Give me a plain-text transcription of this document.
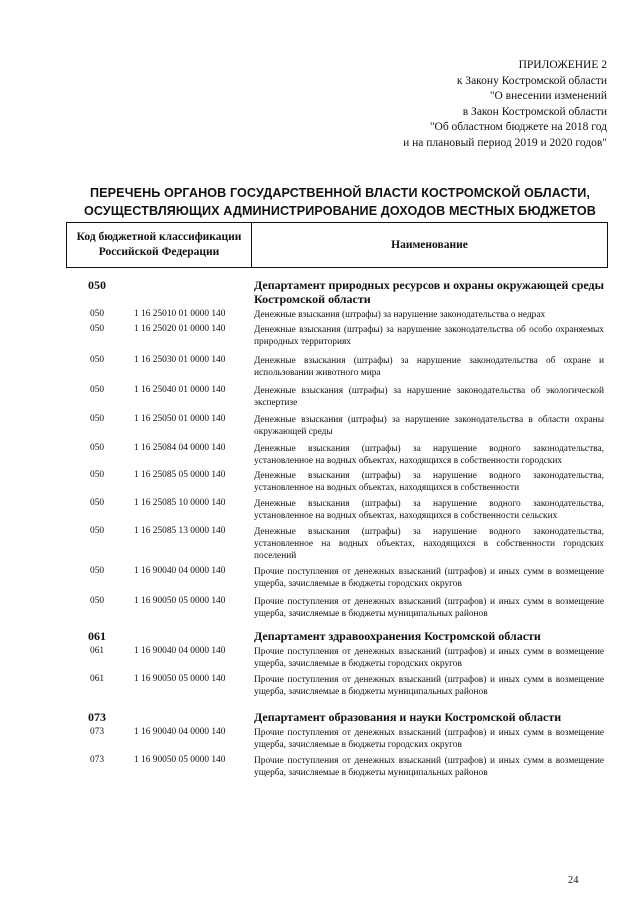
ПРИЛОЖЕНИЕ 2
к Закону Костромской области
"О внесении изменений
в Закон Костромской области
"Об областном бюджете на 2018 год
и на плановый период 2019 и 2020 годов"
ПЕРЕЧЕНЬ ОРГАНОВ ГОСУДАРСТВЕННОЙ ВЛАСТИ КОСТРОМСКОЙ ОБЛАСТИ,
ОСУЩЕСТВЛЯЮЩИХ АДМИНИСТРИРОВАНИЕ ДОХОДОВ МЕСТНЫХ БЮДЖЕТОВ
Код бюджетной классификации Российской Федерации
Наименование
050	Департамент природных ресурсов и охраны окружающей среды Костромской области
050	1 16 25010 01 0000 140	Денежные взыскания (штрафы) за нарушение законодательства о недрах
050	1 16 25020 01 0000 140	Денежные взыскания (штрафы) за нарушение законодательства об особо охраняемых природных территориях
050	1 16 25030 01 0000 140	Денежные взыскания (штрафы) за нарушение законодательства об охране и использовании животного мира
050	1 16 25040 01 0000 140	Денежные взыскания (штрафы) за нарушение законодательства об экологической экспертизе
050	1 16 25050 01 0000 140	Денежные взыскания (штрафы) за нарушение законодательства в области охраны окружающей среды
050	1 16 25084 04 0000 140	Денежные взыскания (штрафы) за нарушение водного законодательства, установленное на водных объектах, находящихся в собственности городских
050	1 16 25085 05 0000 140	Денежные взыскания (штрафы) за нарушение водного законодательства, установленное на водных объектах, находящихся в собственности
050	1 16 25085 10 0000 140	Денежные взыскания (штрафы) за нарушение водного законодательства, установленное на водных объектах, находящихся в собственности сельских
050	1 16 25085 13 0000 140	Денежные взыскания (штрафы) за нарушение водного законодательства, установленное на водных объектах, находящихся в собственности городских поселений
050	1 16 90040 04 0000 140	Прочие поступления от денежных взысканий (штрафов) и иных сумм в возмещение ущерба, зачисляемые в бюджеты городских округов
050	1 16 90050 05 0000 140	Прочие поступления от денежных взысканий (штрафов) и иных сумм в возмещение ущерба, зачисляемые в бюджеты муниципальных районов
061	Департамент здравоохранения Костромской области
061	1 16 90040 04 0000 140	Прочие поступления от денежных взысканий (штрафов) и иных сумм в возмещение ущерба, зачисляемые в бюджеты городских округов
061	1 16 90050 05 0000 140	Прочие поступления от денежных взысканий (штрафов) и иных сумм в возмещение ущерба, зачисляемые в бюджеты муниципальных районов
073	Департамент образования и науки Костромской области
073	1 16 90040 04 0000 140	Прочие поступления от денежных взысканий (штрафов) и иных сумм в возмещение ущерба, зачисляемые в бюджеты городских округов
073	1 16 90050 05 0000 140	Прочие поступления от денежных взысканий (штрафов) и иных сумм в возмещение ущерба, зачисляемые в бюджеты муниципальных районов
24
